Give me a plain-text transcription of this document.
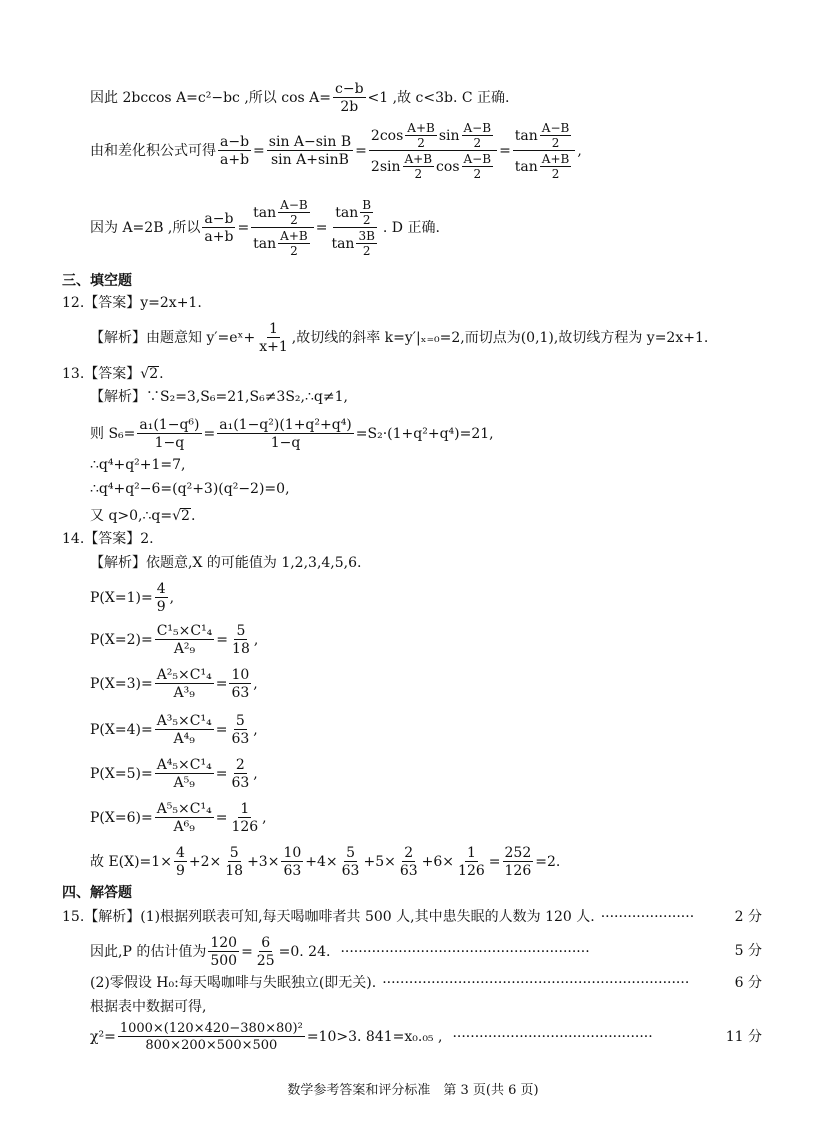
因此 2bccos A=c²−bc ,所以 $\cos A= \frac{c-b}{2b} <1$ ,故 c<3b. C 正确.
由和差化积公式可得 $\frac{a-b}{a+b} = \frac{\text{sin A−sin B}}{\text{sin A+sinB}} = \frac{2\cos \frac{A+B}{2} \sin \frac{A-B}{2}}{2\sin \frac{A+B}{2} \cos \frac{A-B}{2}} = \frac{\tan \frac{A-B}{2}}{\tan \frac{A+B}{2}}$ ,
因为 A=2B ,所以 $\frac{a-b}{a+b} = \frac{\tan \frac{A-B}{2}}{\tan \frac{A+B}{2}} = \frac{\tan \frac{B}{2}}{\tan \frac{3B}{2}}$ . D 正确.
三、填空题
12.【答案】y=2x+1.
【解析】由题意知 y′=eˣ+ $\frac{1}{x+1}$ ,故切线的斜率 k=y′|ₓ₌₀=2,而切点为(0,1),故切线方程为 y=2x+1.
13.【答案】 √ 2 .
【解析】∵S₂=3,S₆=21,S₆≠3S₂,∴q≠1,
则 $S_6= \frac{\text{a₁(1−q⁶)}}{1-q} = \frac{\text{a₁(1−q²)(1+q²+q⁴)}}{1-q} =S_2\cdot(1+q^2+q^4)=21$,
∴q⁴+q²+1=7,
∴q⁴+q²−6=(q²+3)(q²−2)=0,
又 q>0,∴q= √ 2 .
14.【答案】2.
【解析】依题意,X 的可能值为 1,2,3,4,5,6.
$P(X=1)= \frac{4}{9}$ ,
$P(X=2)= \frac{\text{C¹₅×C¹₄}}{\text{A²₉}} = \frac{5}{18}$ ,
$P(X=3)= \frac{\text{A²₅×C¹₄}}{\text{A³₉}} = \frac{10}{63}$ ,
$P(X=4)= \frac{\text{A³₅×C¹₄}}{\text{A⁴₉}} = \frac{5}{63}$ ,
$P(X=5)= \frac{\text{A⁴₅×C¹₄}}{\text{A⁵₉}} = \frac{2}{63}$ ,
$P(X=6)= \frac{\text{A⁵₅×C¹₄}}{\text{A⁶₉}} = \frac{1}{126}$ ,
故 $E(X)=1\times \frac{4}{9} +2\times \frac{5}{18} +3\times \frac{10}{63} +4\times \frac{5}{63} +5\times \frac{2}{63} +6\times \frac{1}{126} = \frac{252}{126} =2$.
四、解答题
15.【解析】(1)根据列联表可知,每天喝咖啡者共 500 人,其中患失眠的人数为 120 人. ·····················	2 分
因此,P 的估计值为 $\frac{120}{500} = \frac{6}{25} =0$. 24. ························································	5 分
(2)零假设 H₀:每天喝咖啡与失眠独立(即无关). ·····································································	6 分
根据表中数据可得,
$\chi^2= \frac{\text{1000×(120×420−380×80)²}}{800\times 200\times 500\times 500} =10>3$. 841=x₀.₀₅ , ·············································	11 分
数学参考答案和评分标准　第 3 页(共 6 页)
